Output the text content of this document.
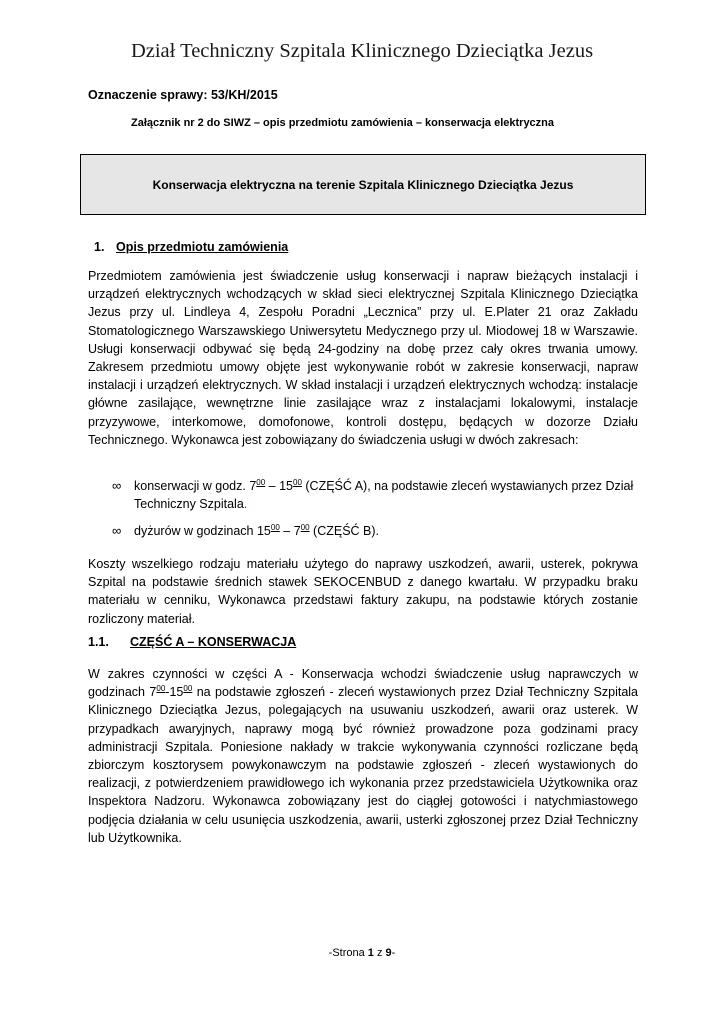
Dział Techniczny Szpitala Klinicznego Dzieciątka Jezus
Oznaczenie sprawy: 53/KH/2015
Załącznik nr 2 do SIWZ – opis przedmiotu zamówienia – konserwacja elektryczna
Konserwacja elektryczna na terenie Szpitala Klinicznego Dzieciątka Jezus
1. Opis przedmiotu zamówienia
Przedmiotem zamówienia jest świadczenie usług konserwacji i napraw bieżących instalacji i urządzeń elektrycznych wchodzących w skład sieci elektrycznej Szpitala Klinicznego Dzieciątka Jezus przy ul. Lindleya 4, Zespołu Poradni „Lecznica” przy ul. E.Plater 21 oraz Zakładu Stomatologicznego Warszawskiego Uniwersytetu Medycznego przy ul. Miodowej 18 w Warszawie. Usługi konserwacji odbywać się będą 24-godziny na dobę przez cały okres trwania umowy. Zakresem przedmiotu umowy objęte jest wykonywanie robót w zakresie konserwacji, napraw instalacji i urządzeń elektrycznych. W skład instalacji i urządzeń elektrycznych wchodzą: instalacje główne zasilające, wewnętrzne linie zasilające wraz z instalacjami lokalowymi, instalacje przyzywowe, interkomowe, domofonowe, kontroli dostępu, będących w dozorze Działu Technicznego. Wykonawca jest zobowiązany do świadczenia usługi w dwóch zakresach:
∞	konserwacji w godz. $7^{00} - 15^{00}$ (CZĘŚĆ A), na podstawie zleceń wystawianych przez Dział Techniczny Szpitala.
∞	dyżurów w godzinach $15^{00} - 7^{00}$ (CZĘŚĆ B).
Koszty wszelkiego rodzaju materiału użytego do naprawy uszkodzeń, awarii, usterek, pokrywa Szpital na podstawie średnich stawek SEKOCENBUD z danego kwartału. W przypadku braku materiału w cenniku, Wykonawca przedstawi faktury zakupu, na podstawie których zostanie rozliczony materiał.
1.1. CZĘŚĆ A – KONSERWACJA
W zakres czynności w części A - Konserwacja wchodzi świadczenie usług naprawczych w godzinach $7^{00}-15^{00}$ na podstawie zgłoszeń - zleceń wystawionych przez Dział Techniczny Szpitala Klinicznego Dzieciątka Jezus, polegających na usuwaniu uszkodzeń, awarii oraz usterek. W przypadkach awaryjnych, naprawy mogą być również prowadzone poza godzinami pracy administracji Szpitala. Poniesione nakłady w trakcie wykonywania czynności rozliczane będą zbiorczym kosztorysem powykonawczym na podstawie zgłoszeń - zleceń wystawionych do realizacji, z potwierdzeniem prawidłowego ich wykonania przez przedstawiciela Użytkownika oraz Inspektora Nadzoru. Wykonawca zobowiązany jest do ciągłej gotowości i natychmiastowego podjęcia działania w celu usunięcia uszkodzenia, awarii, usterki zgłoszonej przez Dział Techniczny lub Użytkownika.
-Strona 1 z 9-
